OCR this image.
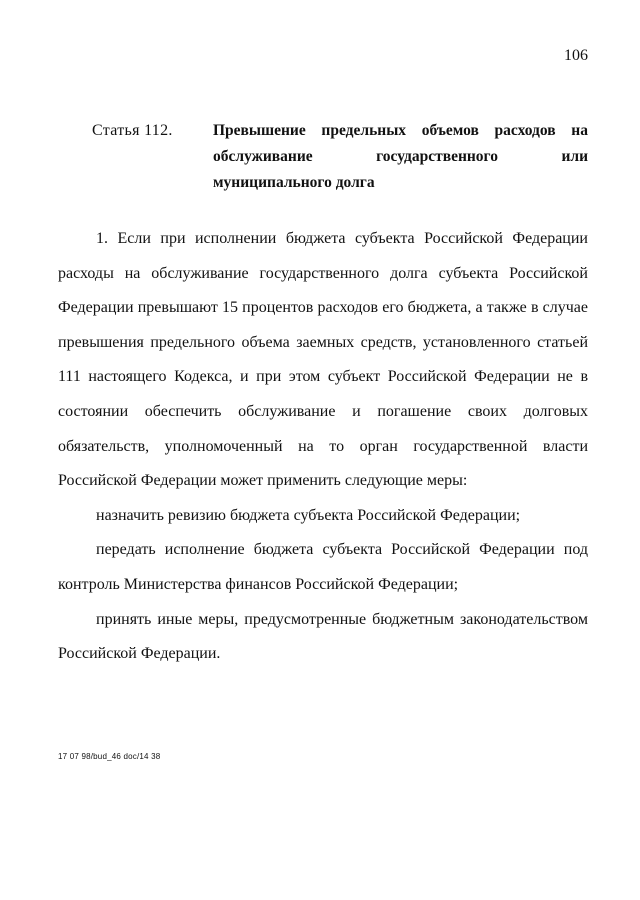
106
Статья 112.	Превышение предельных объемов расходов на обслуживание государственного или муниципального долга

1. Если при исполнении бюджета субъекта Российской Федерации расходы на обслуживание государственного долга субъекта Российской Федерации превышают 15 процентов расходов его бюджета, а также в случае превышения предельного объема заемных средств, установленного статьей 111 настоящего Кодекса, и при этом субъект Российской Федерации не в состоянии обеспечить обслуживание и погашение своих долговых обязательств, уполномоченный на то орган государственной власти Российской Федерации может применить следующие меры:

назначить ревизию бюджета субъекта Российской Федерации;

передать исполнение бюджета субъекта Российской Федерации под контроль Министерства финансов Российской Федерации;

принять иные меры, предусмотренные бюджетным законодательством Российской Федерации.

17 07 98/bud_46 doc/14 38
